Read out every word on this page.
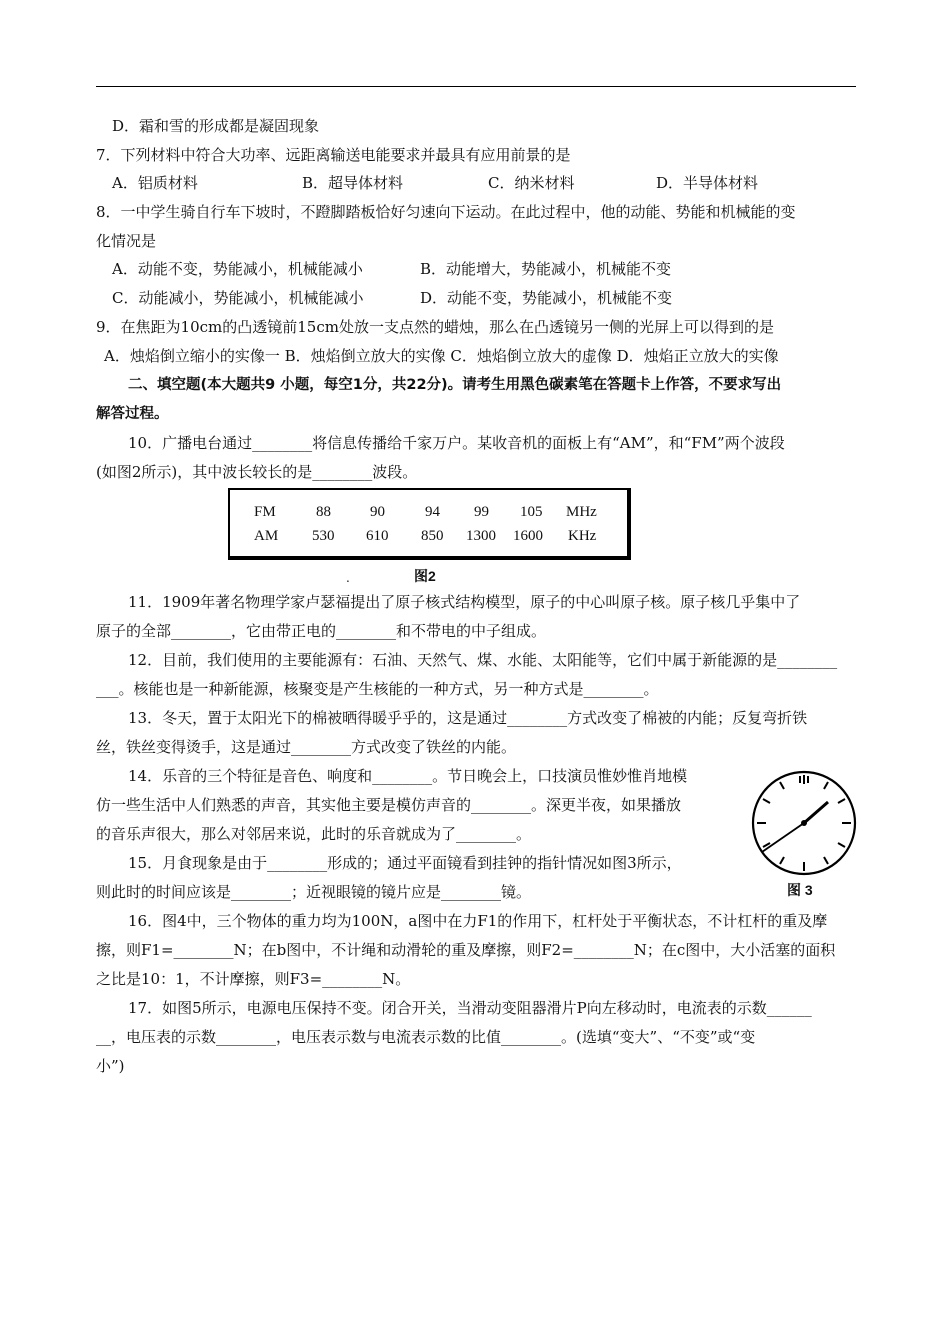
D．霜和雪的形成都是凝固现象
7．下列材料中符合大功率、远距离输送电能要求并最具有应用前景的是
A．铝质材料	B．超导体材料	C．纳米材料	D．半导体材料
8．一中学生骑自行车下坡时，不蹬脚踏板恰好匀速向下运动。在此过程中，他的动能、势能和机械能的变
化情况是
A．动能不变，势能减小，机械能减小	B．动能增大，势能减小，机械能不变
C．动能减小，势能减小，机械能减小	D．动能不变，势能减小，机械能不变
9．在焦距为10cm的凸透镜前15cm处放一支点然的蜡烛，那么在凸透镜另一侧的光屏上可以得到的是
A．烛焰倒立缩小的实像一 B．烛焰倒立放大的实像 C．烛焰倒立放大的虚像 D．烛焰正立放大的实像
二、填空题(本大题共9 小题，每空1分，共22分)。请考生用黑色碳素笔在答题卡上作答，不要求写出
解答过程。
10．广播电台通过________将信息传播给千家万户。某收音机的面板上有“AM”，和“FM”两个波段
(如图2所示)，其中波长较长的是________波段。
FM	88	90	94 99 105 MHz
AM 530 610 850 1300 1600 KHz
.	图2
11．1909年著名物理学家卢瑟福提出了原子核式结构模型，原子的中心叫原子核。原子核几乎集中了
原子的全部________，它由带正电的________和不带电的中子组成。
12．目前，我们使用的主要能源有：石油、天然气、煤、水能、太阳能等，它们中属于新能源的是________
___。核能也是一种新能源，核聚变是产生核能的一种方式，另一种方式是________。
13．冬天，置于太阳光下的棉被晒得暖乎乎的，这是通过________方式改变了棉被的内能；反复弯折铁
丝，铁丝变得烫手，这是通过________方式改变了铁丝的内能。
14．乐音的三个特征是音色、响度和________。节日晚会上，口技演员惟妙惟肖地模
仿一些生活中人们熟悉的声音，其实他主要是模仿声音的________。深更半夜，如果播放
的音乐声很大，那么对邻居来说，此时的乐音就成为了________。
图 3
15．月食现象是由于________形成的；通过平面镜看到挂钟的指针情况如图3所示，
则此时的时间应该是________；近视眼镜的镜片应是________镜。
16．图4中，三个物体的重力均为100N，a图中在力F1的作用下，杠杆处于平衡状态，不计杠杆的重及摩
擦，则F1=________N；在b图中，不计绳和动滑轮的重及摩擦，则F2=________N；在c图中，大小活塞的面积
之比是10：1，不计摩擦，则F3=________N。
17．如图5所示，电源电压保持不变。闭合开关，当滑动变阻器滑片P向左移动时，电流表的示数______
__，电压表的示数________，电压表示数与电流表示数的比值________。(选填“变大”、“不变”或“变
小”)
